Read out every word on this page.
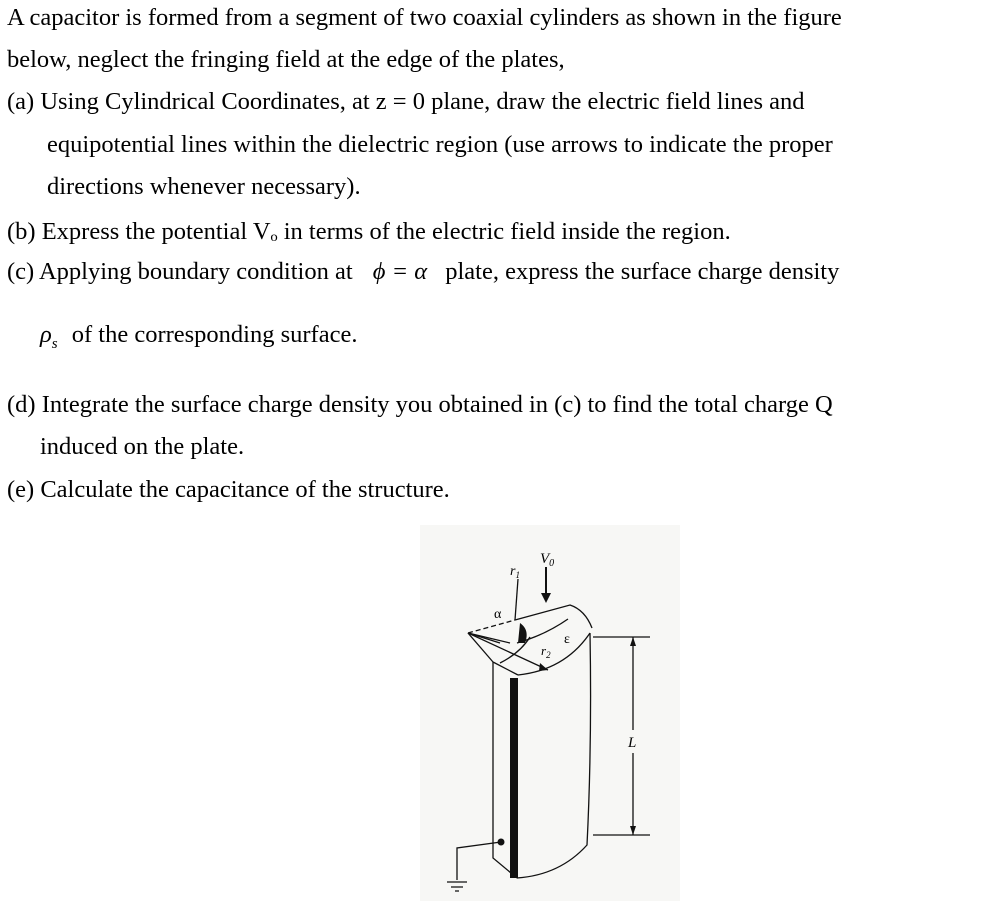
A capacitor is formed from a segment of two coaxial cylinders as shown in the figure
below, neglect the fringing field at the edge of the plates,
(a) Using Cylindrical Coordinates, at z = 0 plane, draw the electric field lines and
equipotential lines within the dielectric region (use arrows to indicate the proper
directions whenever necessary).
(b) Express the potential Vₒ in terms of the electric field inside the region.
(c) Applying boundary condition at ϕ = α plate, express the surface charge density
$\rho_s$ of the corresponding surface.
(d) Integrate the surface charge density you obtained in (c) to find the total charge Q
induced on the plate.
(e) Calculate the capacitance of the structure.
$V_0$
$r_1$
α
ε
$r_2$
L
